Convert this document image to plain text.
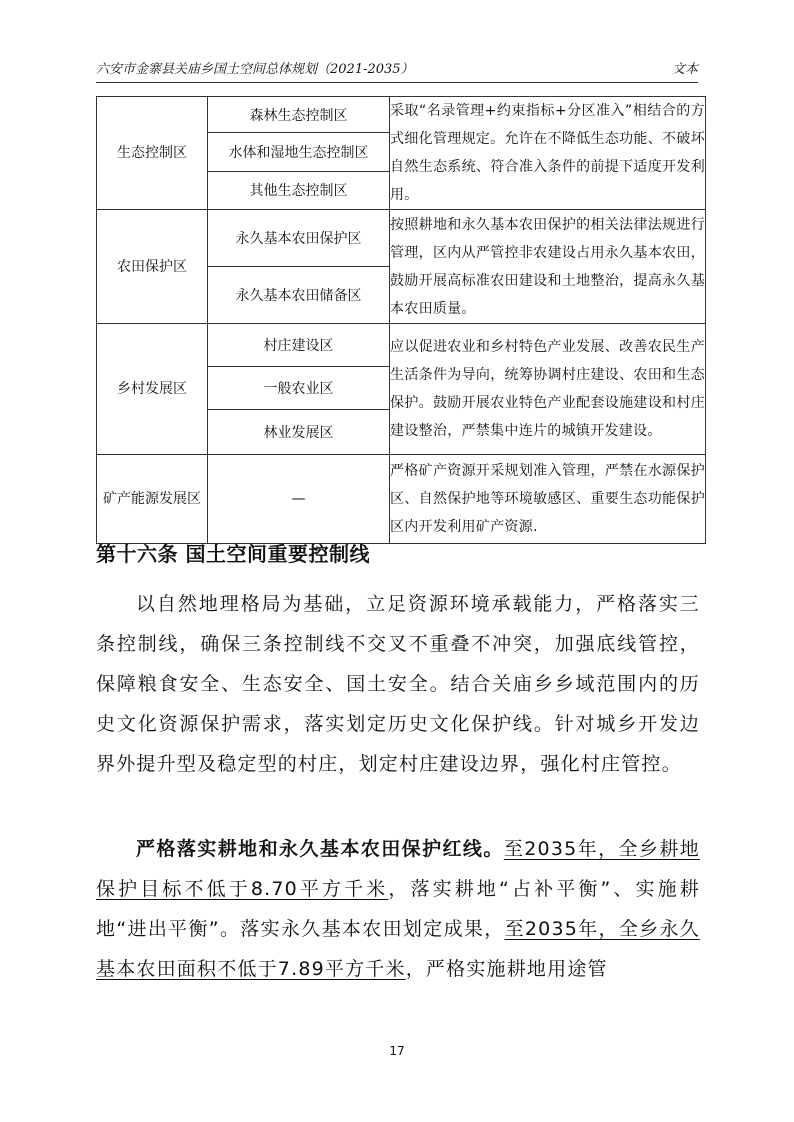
六安市金寨县关庙乡国土空间总体规划（2021-2035）	文本
生态控制区	森林生态控制区	采取“名录管理+约束指标+分区准入”相结合的方式细化管理规定。允许在不降低生态功能、不破坏自然生态系统、符合准入条件的前提下适度开发利用。
	水体和湿地生态控制区	
	其他生态控制区	
农田保护区	永久基本农田保护区	按照耕地和永久基本农田保护的相关法律法规进行管理，区内从严管控非农建设占用永久基本农田，鼓励开展高标准农田建设和土地整治，提高永久基本农田质量。
	永久基本农田储备区	
乡村发展区	村庄建设区	应以促进农业和乡村特色产业发展、改善农民生产生活条件为导向，统筹协调村庄建设、农田和生态保护。鼓励开展农业特色产业配套设施建设和村庄建设整治，严禁集中连片的城镇开发建设。
	一般农业区	
	林业发展区	
矿产能源发展区	—	严格矿产资源开采规划准入管理，严禁在水源保护区、自然保护地等环境敏感区、重要生态功能保护区内开发利用矿产资源.
第十六条 国土空间重要控制线

以自然地理格局为基础，立足资源环境承载能力，严格落实三条控制线，确保三条控制线不交叉不重叠不冲突，加强底线管控，保障粮食安全、生态安全、国土安全。结合关庙乡乡域范围内的历史文化资源保护需求，落实划定历史文化保护线。针对城乡开发边界外提升型及稳定型的村庄，划定村庄建设边界，强化村庄管控。

严格落实耕地和永久基本农田保护红线。至2035年，全乡耕地保护目标不低于8.70平方千米，落实耕地“占补平衡”、实施耕地“进出平衡”。落实永久基本农田划定成果，至2035年，全乡永久基本农田面积不低于7.89平方千米，严格实施耕地用途管

17
